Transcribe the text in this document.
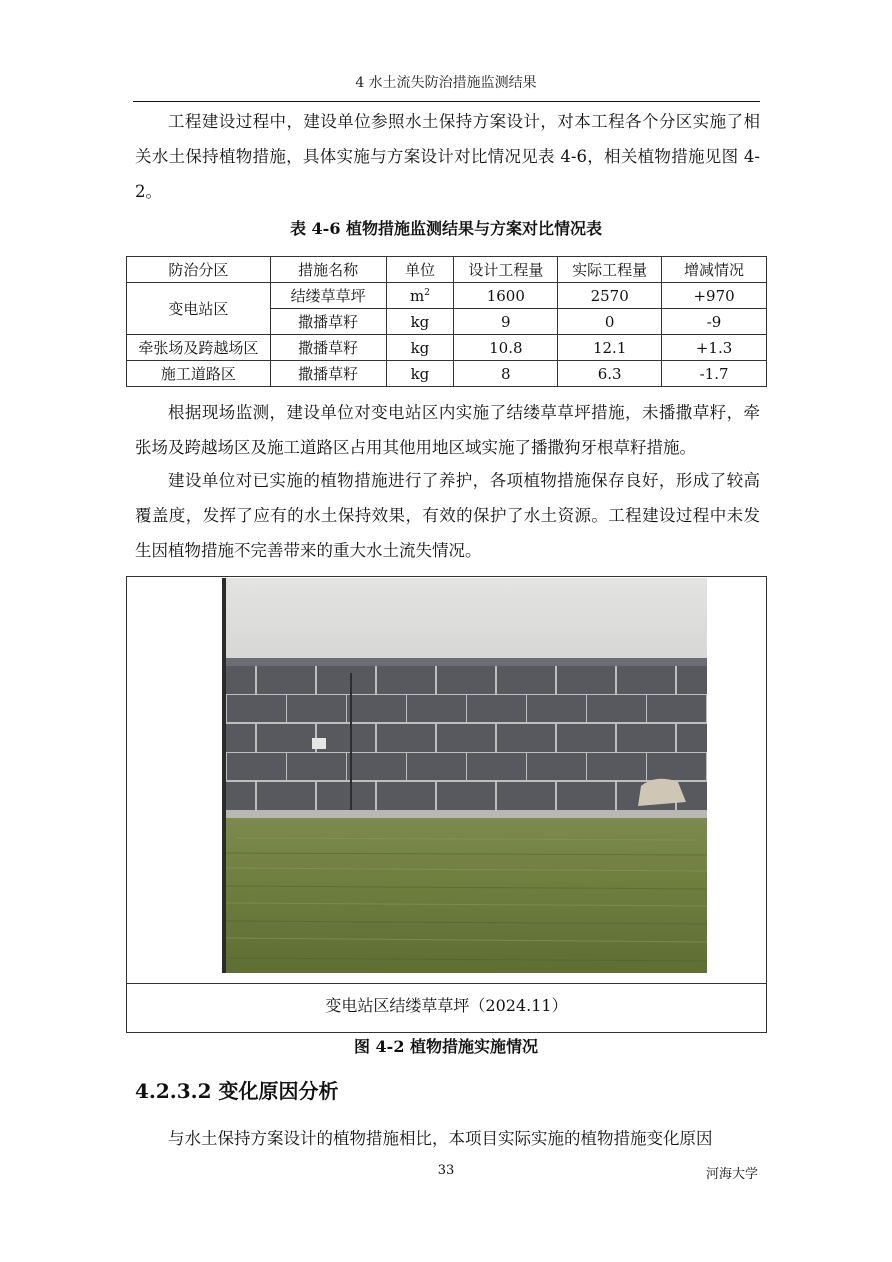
4 水土流失防治措施监测结果

工程建设过程中，建设单位参照水土保持方案设计，对本工程各个分区实施了相关水土保持植物措施，具体实施与方案设计对比情况见表 4-6，相关植物措施见图 4-2。

表 4-6 植物措施监测结果与方案对比情况表
防治分区	措施名称	单位	设计工程量	实际工程量	增减情况
变电站区	结缕草草坪	$m^2$	1600	2570	+970
	撒播草籽	kg	9	0	-9
牵张场及跨越场区	撒播草籽	kg	10.8	12.1	+1.3
施工道路区	撒播草籽	kg	8	6.3	-1.7

根据现场监测，建设单位对变电站区内实施了结缕草草坪措施，未播撒草籽，牵张场及跨越场区及施工道路区占用其他用地区域实施了播撒狗牙根草籽措施。

建设单位对已实施的植物措施进行了养护，各项植物措施保存良好，形成了较高覆盖度，发挥了应有的水土保持效果，有效的保护了水土资源。工程建设过程中未发生因植物措施不完善带来的重大水土流失情况。

变电站区结缕草草坪（2024.11）
图 4-2 植物措施实施情况
4.2.3.2 变化原因分析

与水土保持方案设计的植物措施相比，本项目实际实施的植物措施变化原因

33	河海大学
